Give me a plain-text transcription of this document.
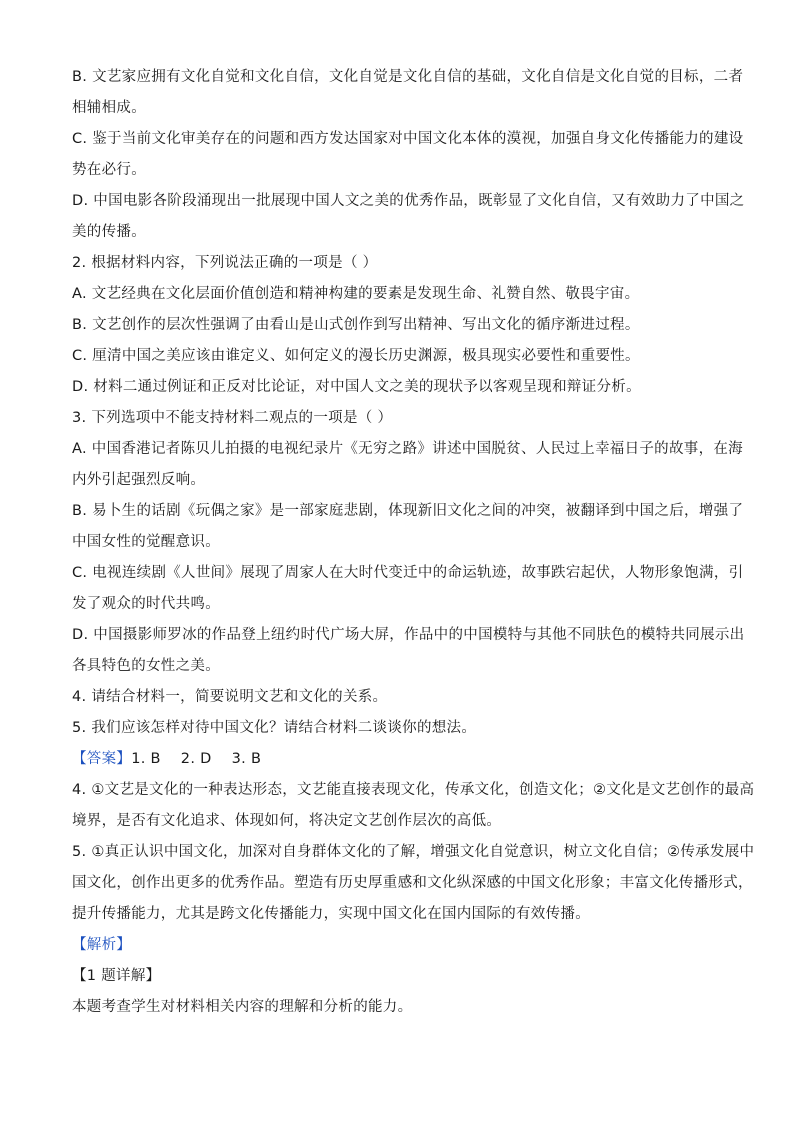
B. 文艺家应拥有文化自觉和文化自信，文化自觉是文化自信的基础，文化自信是文化自觉的目标，二者
相辅相成。
C. 鉴于当前文化审美存在的问题和西方发达国家对中国文化本体的漠视，加强自身文化传播能力的建设
势在必行。
D. 中国电影各阶段涌现出一批展现中国人文之美的优秀作品，既彰显了文化自信，又有效助力了中国之
美的传播。
2. 根据材料内容，下列说法正确的一项是（ ）
A. 文艺经典在文化层面价值创造和精神构建的要素是发现生命、礼赞自然、敬畏宇宙。
B. 文艺创作的层次性强调了由看山是山式创作到写出精神、写出文化的循序渐进过程。
C. 厘清中国之美应该由谁定义、如何定义的漫长历史渊源，极具现实必要性和重要性。
D. 材料二通过例证和正反对比论证，对中国人文之美的现状予以客观呈现和辩证分析。
3. 下列选项中不能支持材料二观点的一项是（ ）
A. 中国香港记者陈贝儿拍摄的电视纪录片《无穷之路》讲述中国脱贫、人民过上幸福日子的故事，在海
内外引起强烈反响。
B. 易卜生的话剧《玩偶之家》是一部家庭悲剧，体现新旧文化之间的冲突，被翻译到中国之后，增强了
中国女性的觉醒意识。
C. 电视连续剧《人世间》展现了周家人在大时代变迁中的命运轨迹，故事跌宕起伏，人物形象饱满，引
发了观众的时代共鸣。
D. 中国摄影师罗冰的作品登上纽约时代广场大屏，作品中的中国模特与其他不同肤色的模特共同展示出
各具特色的女性之美。
4. 请结合材料一，简要说明文艺和文化的关系。
5. 我们应该怎样对待中国文化？请结合材料二谈谈你的想法。
【答案】1. B 2. D 3. B
4. ①文艺是文化的一种表达形态，文艺能直接表现文化，传承文化，创造文化；②文化是文艺创作的最高
境界，是否有文化追求、体现如何，将决定文艺创作层次的高低。
5. ①真正认识中国文化，加深对自身群体文化的了解，增强文化自觉意识，树立文化自信；②传承发展中
国文化，创作出更多的优秀作品。塑造有历史厚重感和文化纵深感的中国文化形象；丰富文化传播形式，
提升传播能力，尤其是跨文化传播能力，实现中国文化在国内国际的有效传播。
【解析】
【1 题详解】
本题考查学生对材料相关内容的理解和分析的能力。
